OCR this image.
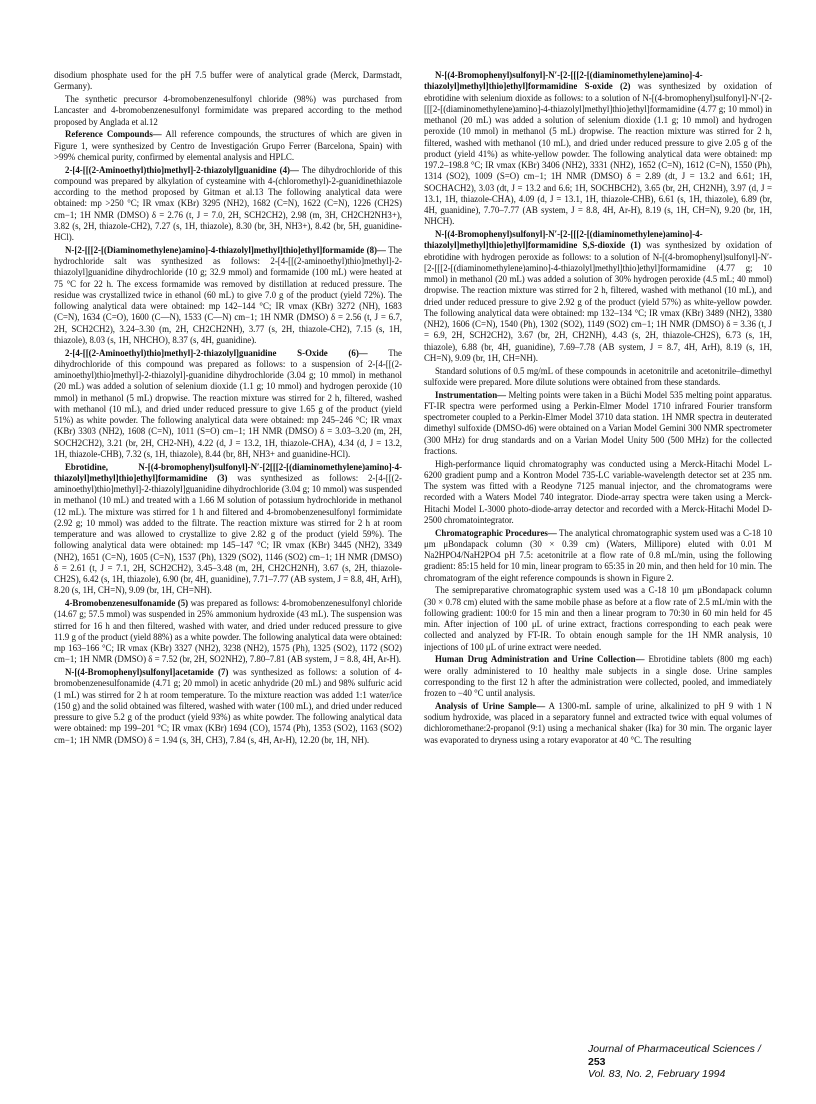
disodium phosphate used for the pH 7.5 buffer were of analytical grade (Merck, Darmstadt, Germany).

The synthetic precursor 4-bromobenzenesulfonyl chloride (98%) was purchased from Lancaster and 4-bromobenzenesulfonyl formimidate was prepared according to the method proposed by Anglada et al.12

Reference Compounds— All reference compounds, the structures of which are given in Figure 1, were synthesized by Centro de Investigación Grupo Ferrer (Barcelona, Spain) with >99% chemical purity, confirmed by elemental analysis and HPLC.

2-[4-[[(2-Aminoethyl)thio]methyl]-2-thiazolyl]guanidine (4)— The dihydrochloride of this compound was prepared by alkylation of cysteamine with 4-(chloromethyl)-2-guanidinethiazole according to the method proposed by Gitman et al.13 The following analytical data were obtained: mp >250 °C; IR νmax (KBr) 3295 (NH2), 1682 (C=N), 1622 (C=N), 1226 (CH2S) cm−1; 1H NMR (DMSO) δ = 2.76 (t, J = 7.0, 2H, SCH2CH2), 2.98 (m, 3H, CH2CH2NH3+), 3.82 (s, 2H, thiazole-CH2), 7.27 (s, 1H, thiazole), 8.30 (br, 3H, NH3+), 8.42 (br, 5H, guanidine-HCl).

N-[2-[[[2-[(Diaminomethylene)amino]-4-thiazolyl]methyl]thio]ethyl]formamide (8)— The hydrochloride salt was synthesized as follows: 2-[4-[[(2-aminoethyl)thio]methyl]-2-thiazolyl]guanidine dihydrochloride (10 g; 32.9 mmol) and formamide (100 mL) were heated at 75 °C for 22 h. The excess formamide was removed by distillation at reduced pressure. The residue was crystallized twice in ethanol (60 mL) to give 7.0 g of the product (yield 72%). The following analytical data were obtained: mp 142–144 °C; IR νmax (KBr) 3272 (NH), 1683 (C=N), 1634 (C=O), 1600 (C—N), 1533 (C—N) cm−1; 1H NMR (DMSO) δ = 2.56 (t, J = 6.7, 2H, SCH2CH2), 3.24–3.30 (m, 2H, CH2CH2NH), 3.77 (s, 2H, thiazole-CH2), 7.15 (s, 1H, thiazole), 8.03 (s, 1H, NHCHO), 8.37 (s, 4H, guanidine).

2-[4-[[(2-Aminoethyl)thio]methyl]-2-thiazolyl]guanidine S-Oxide (6)— The dihydrochloride of this compound was prepared as follows: to a suspension of 2-[4-[[(2-aminoethyl)thio]methyl]-2-thiazolyl]-guanidine dihydrochloride (3.04 g; 10 mmol) in methanol (20 mL) was added a solution of selenium dioxide (1.1 g; 10 mmol) and hydrogen peroxide (10 mmol) in methanol (5 mL) dropwise. The reaction mixture was stirred for 2 h, filtered, washed with methanol (10 mL), and dried under reduced pressure to give 1.65 g of the product (yield 51%) as white powder. The following analytical data were obtained: mp 245–246 °C; IR νmax (KBr) 3303 (NH2), 1608 (C=N), 1011 (S=O) cm−1; 1H NMR (DMSO) δ = 3.03–3.20 (m, 2H, SOCH2CH2), 3.21 (br, 2H, CH2-NH), 4.22 (d, J = 13.2, 1H, thiazole-CHA), 4.34 (d, J = 13.2, 1H, thiazole-CHB), 7.32 (s, 1H, thiazole), 8.44 (br, 8H, NH3+ and guanidine-HCl).

Ebrotidine, N-[(4-bromophenyl)sulfonyl]-N′-[2[[[2-[(diaminomethylene)amino]-4-thiazolyl]methyl]thio]ethyl]formamidine (3) was synthesized as follows: 2-[4-[[(2-aminoethyl)thio]methyl]-2-thiazolyl]guanidine dihydrochloride (3.04 g; 10 mmol) was suspended in methanol (10 mL) and treated with a 1.66 M solution of potassium hydrochloride in methanol (12 mL). The mixture was stirred for 1 h and filtered and 4-bromobenzenesulfonyl formimidate (2.92 g; 10 mmol) was added to the filtrate. The reaction mixture was stirred for 2 h at room temperature and was allowed to crystallize to give 2.82 g of the product (yield 59%). The following analytical data were obtained: mp 145–147 °C; IR νmax (KBr) 3445 (NH2), 3349 (NH2), 1651 (C=N), 1605 (C=N), 1537 (Ph), 1329 (SO2), 1146 (SO2) cm−1; 1H NMR (DMSO) δ = 2.61 (t, J = 7.1, 2H, SCH2CH2), 3.45–3.48 (m, 2H, CH2CH2NH), 3.67 (s, 2H, thiazole-CH2S), 6.42 (s, 1H, thiazole), 6.90 (br, 4H, guanidine), 7.71–7.77 (AB system, J = 8.8, 4H, ArH), 8.20 (s, 1H, CH=N), 9.09 (br, 1H, CH=NH).

4-Bromobenzenesulfonamide (5) was prepared as follows: 4-bromobenzenesulfonyl chloride (14.67 g; 57.5 mmol) was suspended in 25% ammonium hydroxide (43 mL). The suspension was stirred for 16 h and then filtered, washed with water, and dried under reduced pressure to give 11.9 g of the product (yield 88%) as a white powder. The following analytical data were obtained: mp 163–166 °C; IR νmax (KBr) 3327 (NH2), 3238 (NH2), 1575 (Ph), 1325 (SO2), 1172 (SO2) cm−1; 1H NMR (DMSO) δ = 7.52 (br, 2H, SO2NH2), 7.80–7.81 (AB system, J = 8.8, 4H, Ar-H).

N-[(4-Bromophenyl)sulfonyl]acetamide (7) was synthesized as follows: a solution of 4-bromobenzenesulfonamide (4.71 g; 20 mmol) in acetic anhydride (20 mL) and 98% sulfuric acid (1 mL) was stirred for 2 h at room temperature. To the mixture reaction was added 1:1 water/ice (150 g) and the solid obtained was filtered, washed with water (100 mL), and dried under reduced pressure to give 5.2 g of the product (yield 93%) as white powder. The following analytical data were obtained: mp 199–201 °C; IR νmax (KBr) 1694 (CO), 1574 (Ph), 1353 (SO2), 1163 (SO2) cm−1; 1H NMR (DMSO) δ = 1.94 (s, 3H, CH3), 7.84 (s, 4H, Ar-H), 12.20 (br, 1H, NH).

N-[(4-Bromophenyl)sulfonyl]-N′-[2-[[[2-[(diaminomethylene)amino]-4-thiazolyl]methyl]thio]ethyl]formamidine S-oxide (2) was synthesized by oxidation of ebrotidine with selenium dioxide as follows: to a solution of N-[(4-bromophenyl)sulfonyl]-N′-[2-[[[2-[(diaminomethylene)amino]-4-thiazolyl]methyl]thio]ethyl]formamidine (4.77 g; 10 mmol) in methanol (20 mL) was added a solution of selenium dioxide (1.1 g; 10 mmol) and hydrogen peroxide (10 mmol) in methanol (5 mL) dropwise. The reaction mixture was stirred for 2 h, filtered, washed with methanol (10 mL), and dried under reduced pressure to give 2.05 g of the product (yield 41%) as white-yellow powder. The following analytical data were obtained: mp 197.2–198.8 °C; IR νmax (KBr) 3406 (NH2), 3331 (NH2), 1652 (C=N), 1612 (C=N), 1550 (Ph), 1314 (SO2), 1009 (S=O) cm−1; 1H NMR (DMSO) δ = 2.89 (dt, J = 13.2 and 6.61; 1H, SOCHACH2), 3.03 (dt, J = 13.2 and 6.6; 1H, SOCHBCH2), 3.65 (br, 2H, CH2NH), 3.97 (d, J = 13.1, 1H, thiazole-CHA), 4.09 (d, J = 13.1, 1H, thiazole-CHB), 6.61 (s, 1H, thiazole), 6.89 (br, 4H, guanidine), 7.70–7.77 (AB system, J = 8.8, 4H, Ar-H), 8.19 (s, 1H, CH=N), 9.20 (br, 1H, NHCH).

N-[(4-Bromophenyl)sulfonyl]-N′-[2-[[[2-[(diaminomethylene)amino]-4-thiazolyl]methyl]thio]ethyl]formamidine S,S-dioxide (1) was synthesized by oxidation of ebrotidine with hydrogen peroxide as follows: to a solution of N-[(4-bromophenyl)sulfonyl]-N′-[2-[[[2-[(diaminomethylene)amino]-4-thiazolyl]methyl]thio]ethyl]formamidine (4.77 g; 10 mmol) in methanol (20 mL) was added a solution of 30% hydrogen peroxide (4.5 mL; 40 mmol) dropwise. The reaction mixture was stirred for 2 h, filtered, washed with methanol (10 mL), and dried under reduced pressure to give 2.92 g of the product (yield 57%) as white-yellow powder. The following analytical data were obtained: mp 132–134 °C; IR νmax (KBr) 3489 (NH2), 3380 (NH2), 1606 (C=N), 1540 (Ph), 1302 (SO2), 1149 (SO2) cm−1; 1H NMR (DMSO) δ = 3.36 (t, J = 6.9, 2H, SCH2CH2), 3.67 (br, 2H, CH2NH), 4.43 (s, 2H, thiazole-CH2S), 6.73 (s, 1H, thiazole), 6.88 (br, 4H, guanidine), 7.69–7.78 (AB system, J = 8.7, 4H, ArH), 8.19 (s, 1H, CH=N), 9.09 (br, 1H, CH=NH).

Standard solutions of 0.5 mg/mL of these compounds in acetonitrile and acetonitrile–dimethyl sulfoxide were prepared. More dilute solutions were obtained from these standards.

Instrumentation— Melting points were taken in a Büchi Model 535 melting point apparatus. FT-IR spectra were performed using a Perkin-Elmer Model 1710 infrared Fourier transform spectrometer coupled to a Perkin-Elmer Model 3710 data station. 1H NMR spectra in deuterated dimethyl sulfoxide (DMSO-d6) were obtained on a Varian Model Gemini 300 NMR spectrometer (300 MHz) for drug standards and on a Varian Model Unity 500 (500 MHz) for the collected fractions.

High-performance liquid chromatography was conducted using a Merck-Hitachi Model L-6200 gradient pump and a Kontron Model 735-LC variable-wavelength detector set at 235 nm. The system was fitted with a Reodyne 7125 manual injector, and the chromatograms were recorded with a Waters Model 740 integrator. Diode-array spectra were taken using a Merck-Hitachi Model L-3000 photo-diode-array detector and recorded with a Merck-Hitachi Model D-2500 chromatointegrator.

Chromatographic Procedures— The analytical chromatographic system used was a C-18 10 μm μBondapack column (30 × 0.39 cm) (Waters, Millipore) eluted with 0.01 M Na2HPO4/NaH2PO4 pH 7.5: acetonitrile at a flow rate of 0.8 mL/min, using the following gradient: 85:15 held for 10 min, linear program to 65:35 in 20 min, and then held for 10 min. The chromatogram of the eight reference compounds is shown in Figure 2.

The semipreparative chromatographic system used was a C-18 10 μm μBondapack column (30 × 0.78 cm) eluted with the same mobile phase as before at a flow rate of 2.5 mL/min with the following gradient: 100:0 for 15 min and then a linear program to 70:30 in 60 min held for 45 min. After injection of 100 μL of urine extract, fractions corresponding to each peak were collected and analyzed by FT-IR. To obtain enough sample for the 1H NMR analysis, 10 injections of 100 μL of urine extract were needed.

Human Drug Administration and Urine Collection— Ebrotidine tablets (800 mg each) were orally administered to 10 healthy male subjects in a single dose. Urine samples corresponding to the first 12 h after the administration were collected, pooled, and immediately frozen to −40 °C until analysis.

Analysis of Urine Sample— A 1300-mL sample of urine, alkalinized to pH 9 with 1 N sodium hydroxide, was placed in a separatory funnel and extracted twice with equal volumes of dichloromethane:2-propanol (9:1) using a mechanical shaker (Ika) for 30 min. The organic layer was evaporated to dryness using a rotary evaporator at 40 °C. The resulting

Journal of Pharmaceutical Sciences / 253
Vol. 83, No. 2, February 1994
